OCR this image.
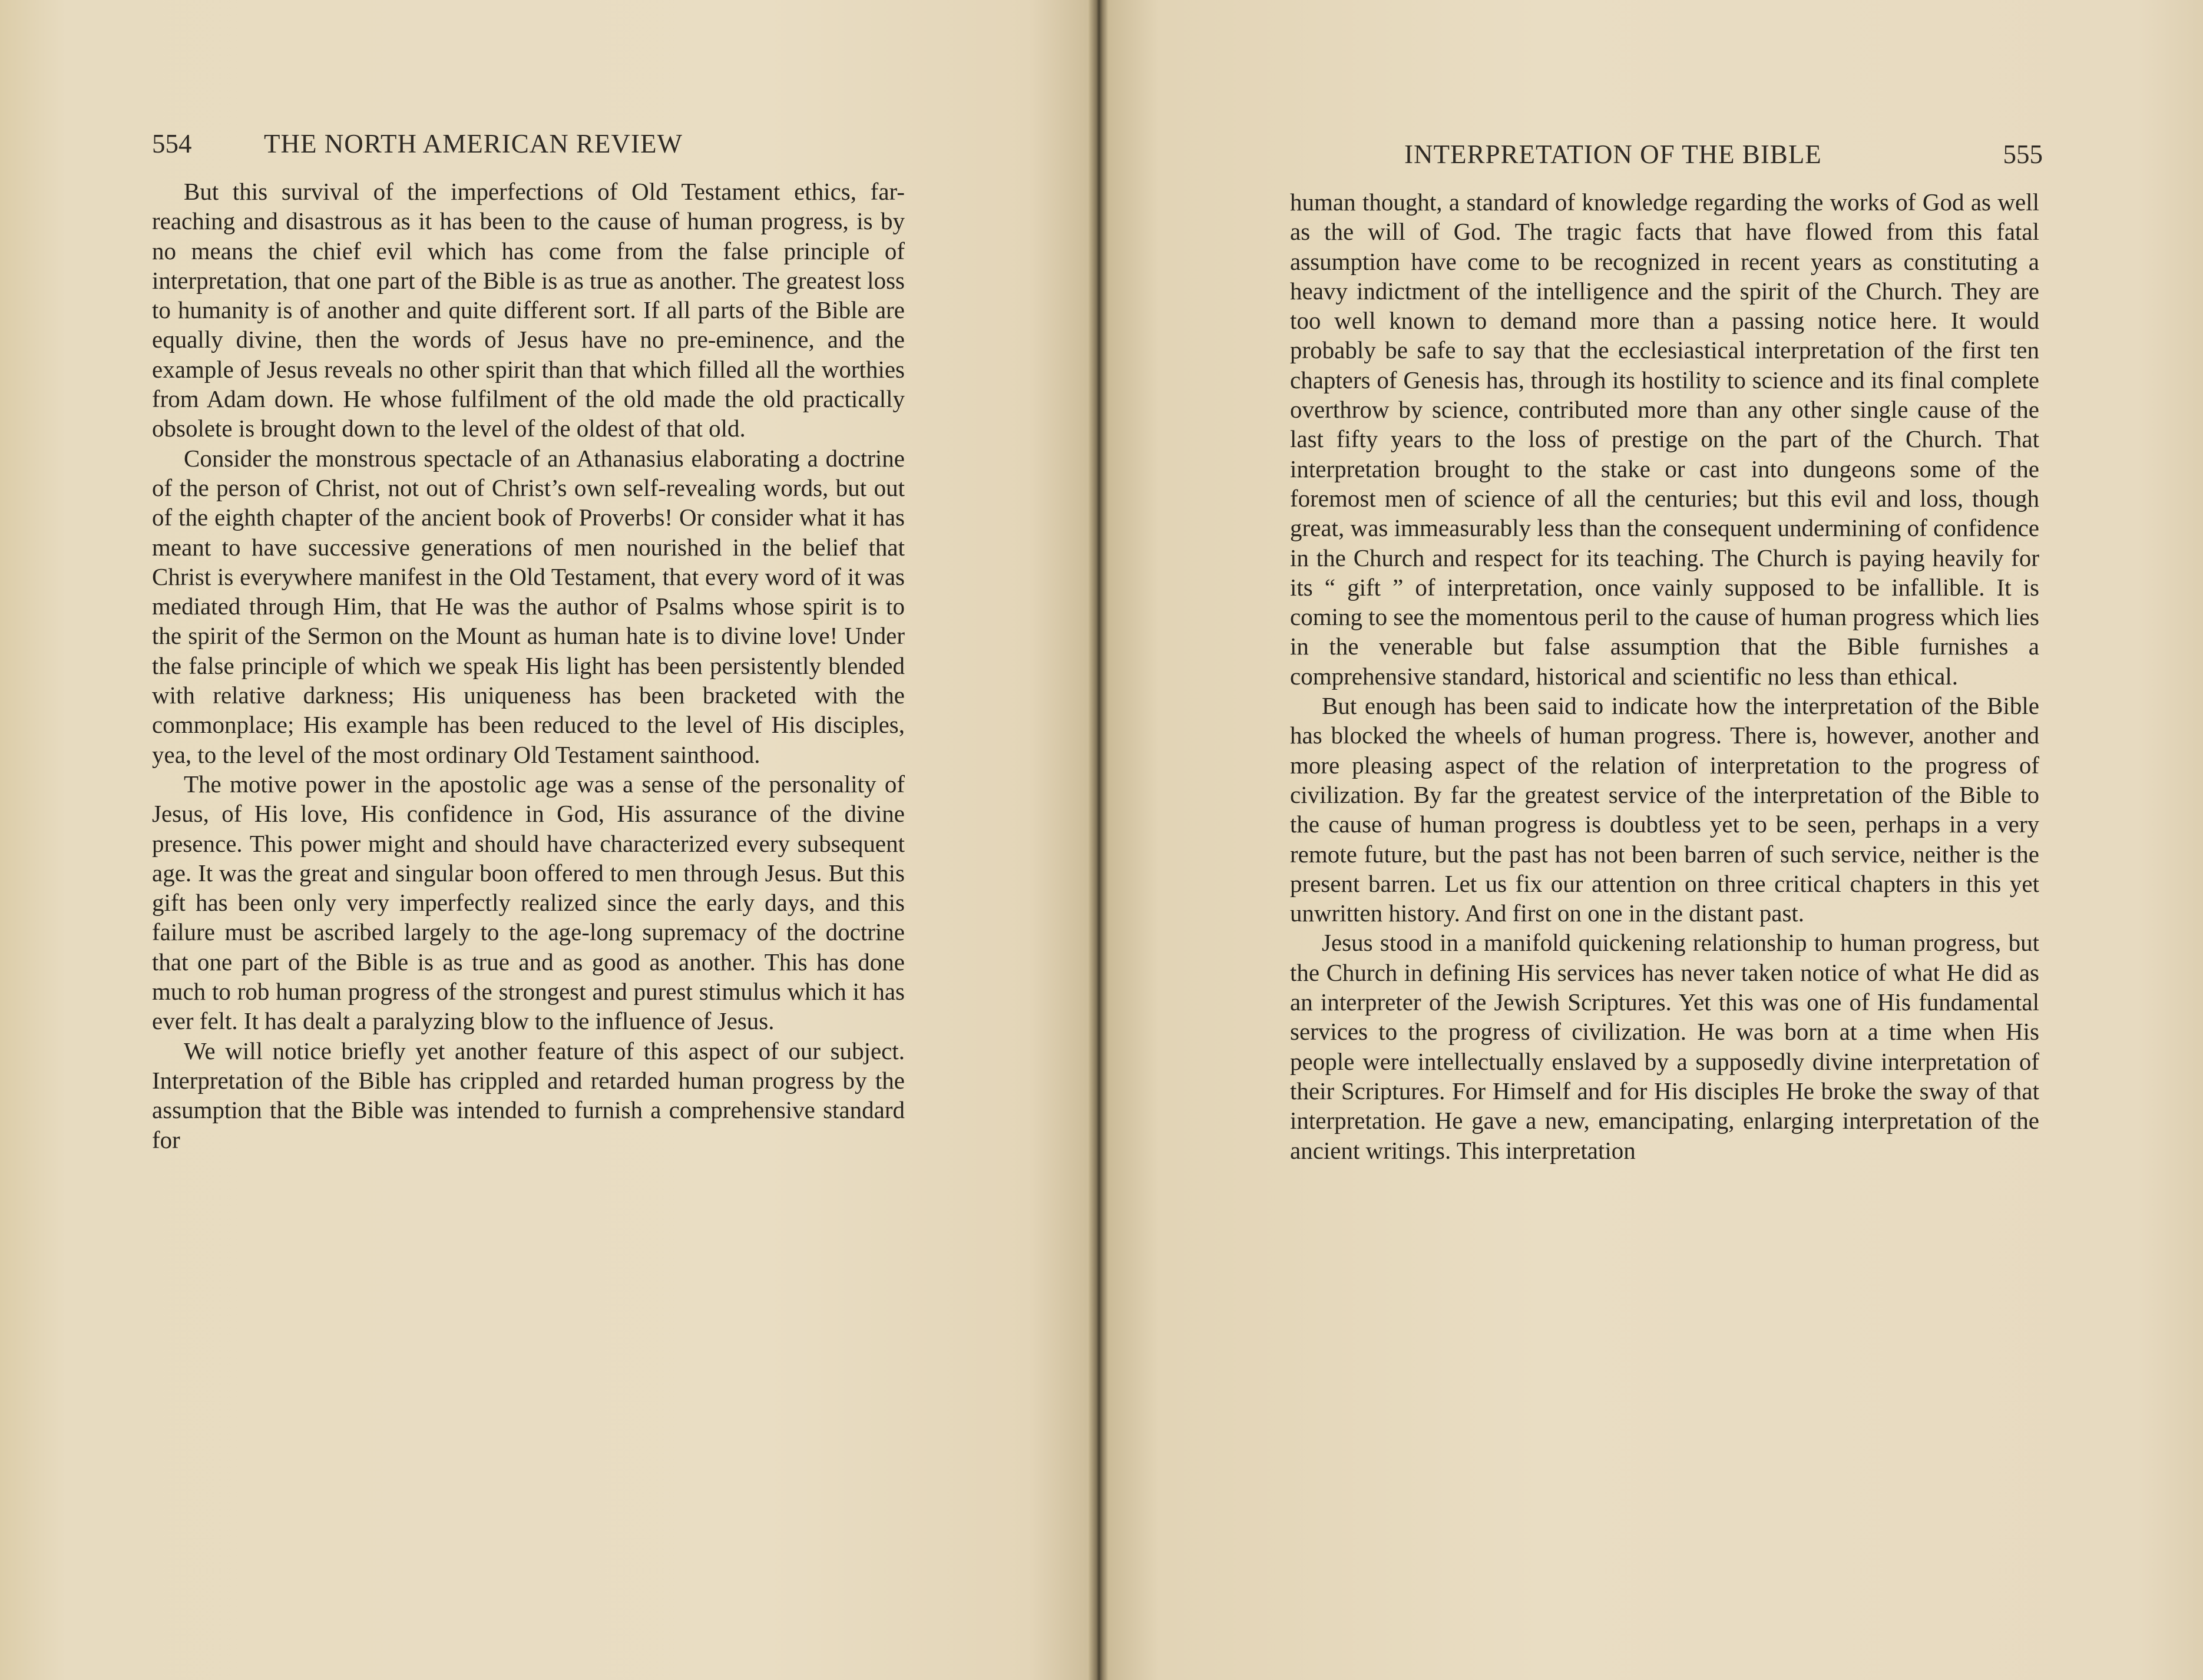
554	THE NORTH AMERICAN REVIEW

But this survival of the imperfections of Old Testament ethics, far-reaching and disastrous as it has been to the cause of human progress, is by no means the chief evil which has come from the false principle of interpretation, that one part of the Bible is as true as another. The greatest loss to humanity is of another and quite different sort. If all parts of the Bible are equally divine, then the words of Jesus have no pre-eminence, and the example of Jesus reveals no other spirit than that which filled all the worthies from Adam down. He whose fulfilment of the old made the old practically obsolete is brought down to the level of the oldest of that old.

Consider the monstrous spectacle of an Athanasius elaborating a doctrine of the person of Christ, not out of Christ’s own self-revealing words, but out of the eighth chapter of the ancient book of Proverbs! Or consider what it has meant to have successive generations of men nourished in the belief that Christ is everywhere manifest in the Old Testament, that every word of it was mediated through Him, that He was the author of Psalms whose spirit is to the spirit of the Sermon on the Mount as human hate is to divine love! Under the false principle of which we speak His light has been persistently blended with relative darkness; His uniqueness has been bracketed with the commonplace; His example has been reduced to the level of His disciples, yea, to the level of the most ordinary Old Testament sainthood.

The motive power in the apostolic age was a sense of the personality of Jesus, of His love, His confidence in God, His assurance of the divine presence. This power might and should have characterized every subsequent age. It was the great and singular boon offered to men through Jesus. But this gift has been only very imperfectly realized since the early days, and this failure must be ascribed largely to the age-long supremacy of the doctrine that one part of the Bible is as true and as good as another. This has done much to rob human progress of the strongest and purest stimulus which it has ever felt. It has dealt a paralyzing blow to the influence of Jesus.

We will notice briefly yet another feature of this aspect of our subject. Interpretation of the Bible has crippled and retarded human progress by the assumption that the Bible was intended to furnish a comprehensive standard for

INTERPRETATION OF THE BIBLE	555

human thought, a standard of knowledge regarding the works of God as well as the will of God. The tragic facts that have flowed from this fatal assumption have come to be recognized in recent years as constituting a heavy indictment of the intelligence and the spirit of the Church. They are too well known to demand more than a passing notice here. It would probably be safe to say that the ecclesiastical interpretation of the first ten chapters of Genesis has, through its hostility to science and its final complete overthrow by science, contributed more than any other single cause of the last fifty years to the loss of prestige on the part of the Church. That interpretation brought to the stake or cast into dungeons some of the foremost men of science of all the centuries; but this evil and loss, though great, was immeasurably less than the consequent undermining of confidence in the Church and respect for its teaching. The Church is paying heavily for its “ gift ” of interpretation, once vainly supposed to be infallible. It is coming to see the momentous peril to the cause of human progress which lies in the venerable but false assumption that the Bible furnishes a comprehensive standard, historical and scientific no less than ethical.

But enough has been said to indicate how the interpretation of the Bible has blocked the wheels of human progress. There is, however, another and more pleasing aspect of the relation of interpretation to the progress of civilization. By far the greatest service of the interpretation of the Bible to the cause of human progress is doubtless yet to be seen, perhaps in a very remote future, but the past has not been barren of such service, neither is the present barren. Let us fix our attention on three critical chapters in this yet unwritten history. And first on one in the distant past.

Jesus stood in a manifold quickening relationship to human progress, but the Church in defining His services has never taken notice of what He did as an interpreter of the Jewish Scriptures. Yet this was one of His fundamental services to the progress of civilization. He was born at a time when His people were intellectually enslaved by a supposedly divine interpretation of their Scriptures. For Himself and for His disciples He broke the sway of that interpretation. He gave a new, emancipating, enlarging interpretation of the ancient writings. This interpretation
